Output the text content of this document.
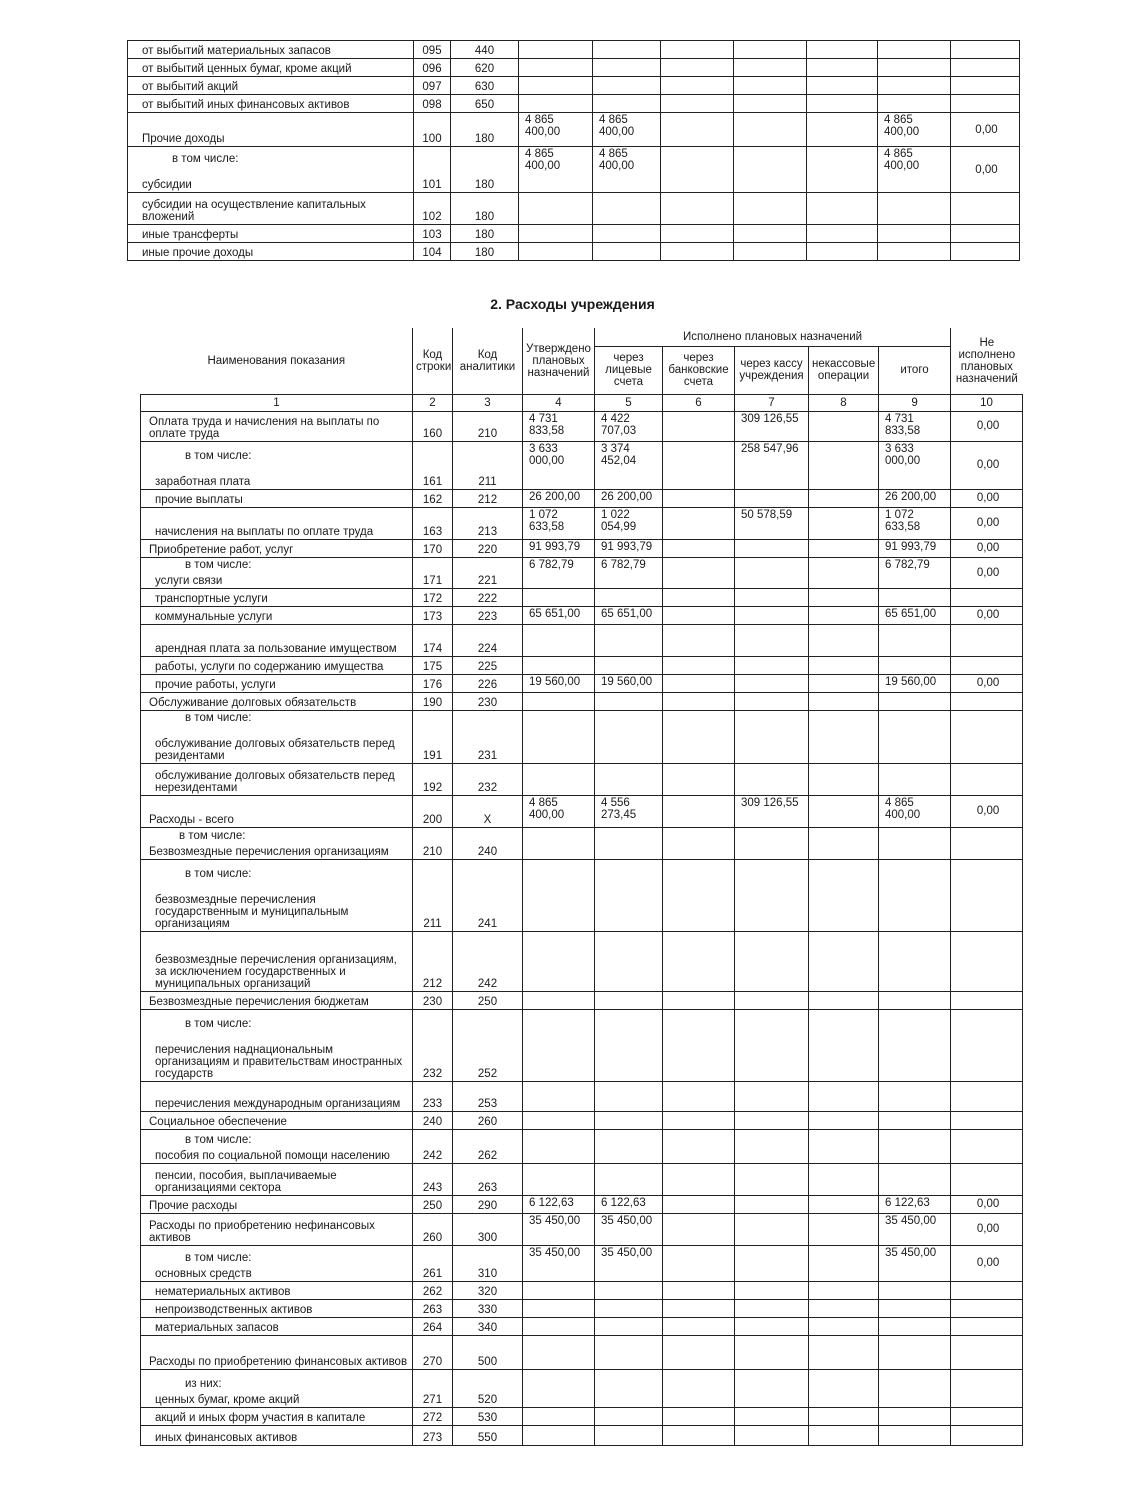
от выбытий материальных запасов	095	440							

от выбытий ценных бумаг, кроме акций	096	620							

от выбытий акций	097	630							

от выбытий иных финансовых активов	098	650							

Прочие доходы	100	180	4 865 400,00	4 865 400,00				4 865 400,00	0,00

в том числе:
субсидии	101	180	4 865 400,00	4 865 400,00				4 865 400,00	0,00

субсидии на осуществление капитальных вложений	102	180							

иные трансферты	103	180							

иные прочие доходы	104	180							
2. Расходы учреждения
Наименования показания	Код строки	Код аналитики	Утверждено плановых назначений	Исполнено плановых назначений					Не исполнено плановых назначений
				через лицевые счета	через банковские счета	через кассу учреждения	некассовые операции	итого	
1	2	3	4	5	6	7	8	9	10

Оплата труда и начисления на выплаты по оплате труда	160	210	4 731 833,58	4 422 707,03		309 126,55		4 731 833,58	0,00

в том числе:
заработная плата	161	211	3 633 000,00	3 374 452,04		258 547,96		3 633 000,00	0,00

прочие выплаты	162	212	26 200,00	26 200,00				26 200,00	0,00

начисления на выплаты по оплате труда	163	213	1 072 633,58	1 022 054,99		50 578,59		1 072 633,58	0,00

Приобретение работ, услуг	170	220	91 993,79	91 993,79				91 993,79	0,00

в том числе:
услуги связи	171	221	6 782,79	6 782,79				6 782,79	0,00

транспортные услуги	172	222							

коммунальные услуги	173	223	65 651,00	65 651,00				65 651,00	0,00

арендная плата за пользование имуществом	174	224							

работы, услуги по содержанию имущества	175	225							

прочие работы, услуги	176	226	19 560,00	19 560,00				19 560,00	0,00

Обслуживание долговых обязательств	190	230							

в том числе:
обслуживание долговых обязательств перед резидентами	191	231							

обслуживание долговых обязательств перед нерезидентами	192	232							

Расходы - всего	200	X	4 865 400,00	4 556 273,45		309 126,55		4 865 400,00	0,00

в том числе:
Безвозмездные перечисления организациям	210	240							

в том числе:
безвозмездные перечисления государственным и муниципальным организациям	211	241							

безвозмездные перечисления организациям, за исключением государственных и муниципальных организаций	212	242							

Безвозмездные перечисления бюджетам	230	250							

в том числе:
перечисления наднациональным организациям и правительствам иностранных государств	232	252							

перечисления международным организациям	233	253							

Социальное обеспечение	240	260							

в том числе:
пособия по социальной помощи населению	242	262							

пенсии, пособия, выплачиваемые организациями сектора	243	263							

Прочие расходы	250	290	6 122,63	6 122,63				6 122,63	0,00

Расходы по приобретению нефинансовых активов	260	300	35 450,00	35 450,00				35 450,00	0,00

в том числе:
основных средств	261	310	35 450,00	35 450,00				35 450,00	0,00

нематериальных активов	262	320							

непроизводственных активов	263	330							

материальных запасов	264	340							

Расходы по приобретению финансовых активов	270	500							

из них:
ценных бумаг, кроме акций	271	520							

акций и иных форм участия в капитале	272	530							

иных финансовых активов	273	550							
